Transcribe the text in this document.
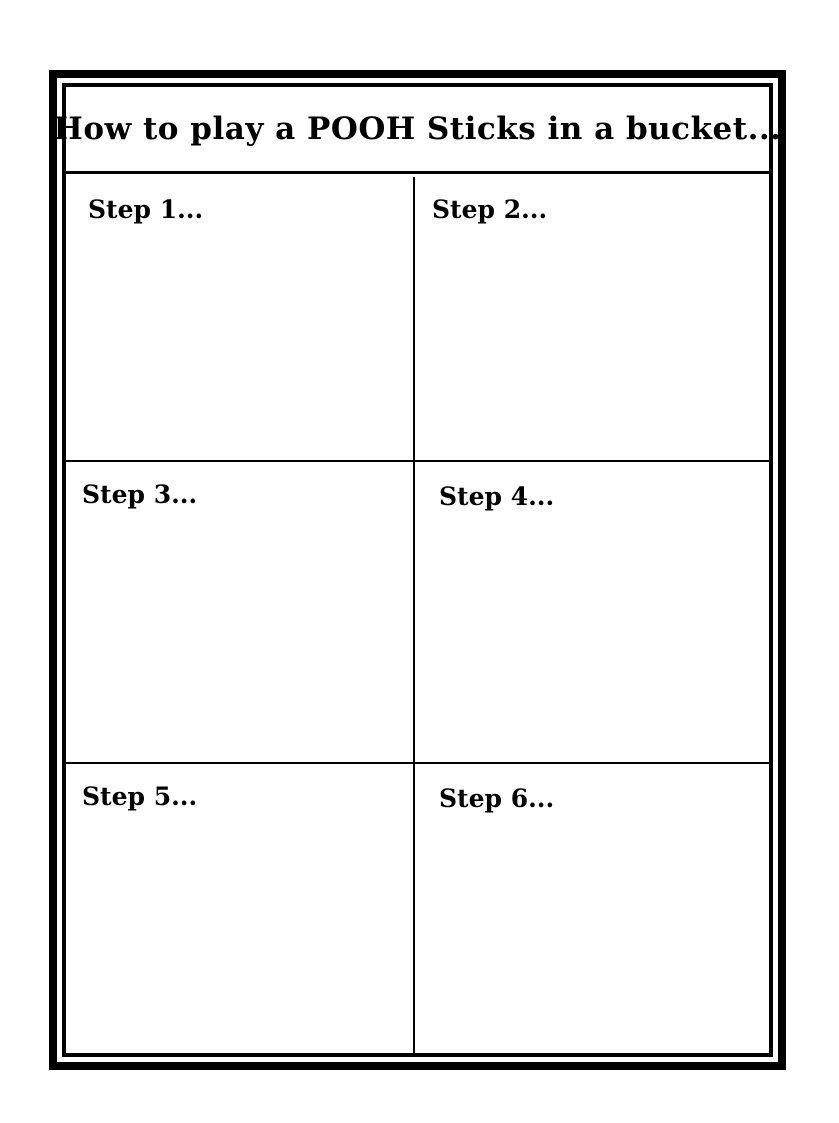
How to play a POOH Sticks in a bucket...
Step 1...	Step 2...
Step 3...	Step 4...
Step 5...	Step 6...
